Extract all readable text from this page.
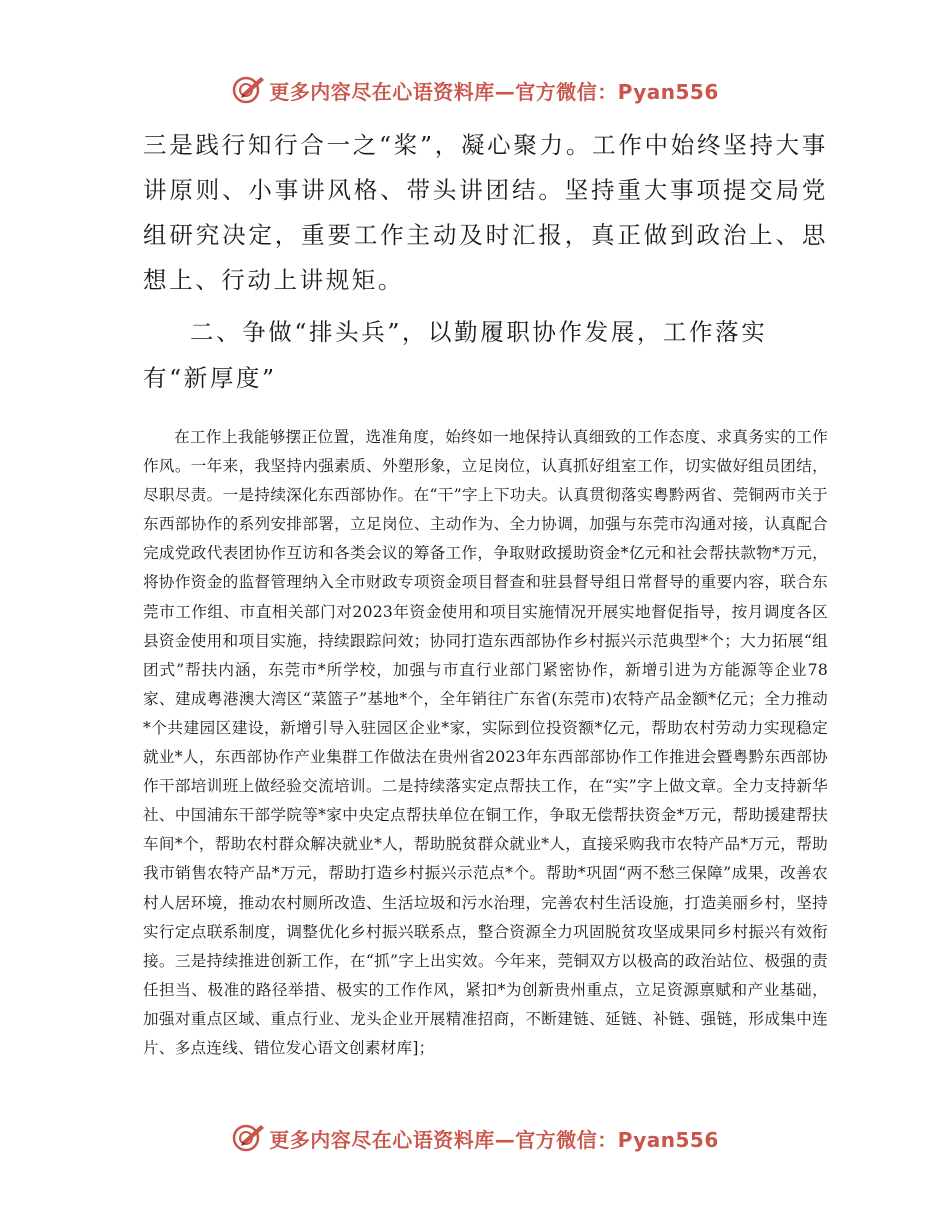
更多内容尽在心语资料库—官方微信：Pyan556

三是践行知行合一之“桨”，凝心聚力。工作中始终坚持大事讲原则、小事讲风格、带头讲团结。坚持重大事项提交局党组研究决定，重要工作主动及时汇报，真正做到政治上、思想上、行动上讲规矩。

二、争做“排头兵”，以勤履职协作发展，工作落实有“新厚度”

在工作上我能够摆正位置，选准角度，始终如一地保持认真细致的工作态度、求真务实的工作作风。一年来，我坚持内强素质、外塑形象，立足岗位，认真抓好组室工作，切实做好组员团结，尽职尽责。一是持续深化东西部协作。在“干”字上下功夫。认真贯彻落实粤黔两省、莞铜两市关于东西部协作的系列安排部署，立足岗位、主动作为、全力协调，加强与东莞市沟通对接，认真配合完成党政代表团协作互访和各类会议的筹备工作，争取财政援助资金*亿元和社会帮扶款物*万元，将协作资金的监督管理纳入全市财政专项资金项目督查和驻县督导组日常督导的重要内容，联合东莞市工作组、市直相关部门对2023年资金使用和项目实施情况开展实地督促指导，按月调度各区县资金使用和项目实施，持续跟踪问效；协同打造东西部协作乡村振兴示范典型*个；大力拓展“组团式”帮扶内涵，东莞市*所学校，加强与市直行业部门紧密协作，新增引进为方能源等企业78家、建成粤港澳大湾区“菜篮子”基地*个，全年销往广东省(东莞市)农特产品金额*亿元；全力推动*个共建园区建设，新增引导入驻园区企业*家，实际到位投资额*亿元，帮助农村劳动力实现稳定就业*人，东西部协作产业集群工作做法在贵州省2023年东西部部协作工作推进会暨粤黔东西部协作干部培训班上做经验交流培训。二是持续落实定点帮扶工作，在“实”字上做文章。全力支持新华社、中国浦东干部学院等*家中央定点帮扶单位在铜工作，争取无偿帮扶资金*万元，帮助援建帮扶车间*个，帮助农村群众解决就业*人，帮助脱贫群众就业*人，直接采购我市农特产品*万元，帮助我市销售农特产品*万元，帮助打造乡村振兴示范点*个。帮助*巩固“两不愁三保障”成果，改善农村人居环境，推动农村厕所改造、生活垃圾和污水治理，完善农村生活设施，打造美丽乡村，坚持实行定点联系制度，调整优化乡村振兴联系点，整合资源全力巩固脱贫攻坚成果同乡村振兴有效衔接。三是持续推进创新工作，在“抓”字上出实效。今年来，莞铜双方以极高的政治站位、极强的责任担当、极准的路径举措、极实的工作作风，紧扣*为创新贵州重点，立足资源禀赋和产业基础，加强对重点区域、重点行业、龙头企业开展精准招商，不断建链、延链、补链、强链，形成集中连片、多点连线、错位发心语文创素材库]；

更多内容尽在心语资料库—官方微信：Pyan556
